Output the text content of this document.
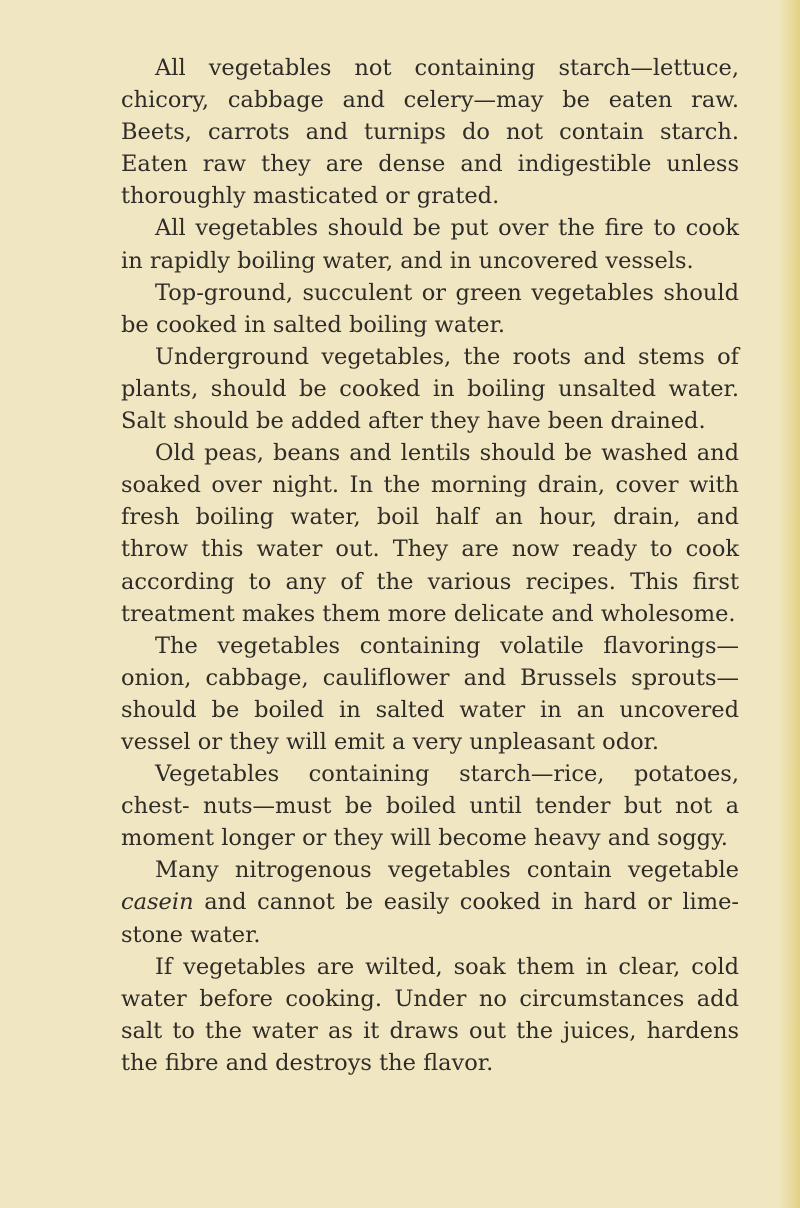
All vegetables not containing starch—lettuce, chicory, cabbage and celery—may be eaten raw. Beets, carrots and turnips do not contain starch. Eaten raw they are dense and indigestible unless thoroughly masticated or grated.

All vegetables should be put over the fire to cook in rapidly boiling water, and in uncovered vessels.

Top-ground, succulent or green vegetables should be cooked in salted boiling water.

Underground vegetables, the roots and stems of plants, should be cooked in boiling unsalted water. Salt should be added after they have been drained.

Old peas, beans and lentils should be washed and soaked over night. In the morning drain, cover with fresh boiling water, boil half an hour, drain, and throw this water out. They are now ready to cook according to any of the various recipes. This first treatment makes them more delicate and wholesome.

The vegetables containing volatile flavorings— onion, cabbage, cauliflower and Brussels sprouts— should be boiled in salted water in an uncovered vessel or they will emit a very unpleasant odor.

Vegetables containing starch—rice, potatoes, chest- nuts—must be boiled until tender but not a moment longer or they will become heavy and soggy.

Many nitrogenous vegetables contain vegetable casein and cannot be easily cooked in hard or lime- stone water.

If vegetables are wilted, soak them in clear, cold water before cooking. Under no circumstances add salt to the water as it draws out the juices, hardens the fibre and destroys the flavor.
